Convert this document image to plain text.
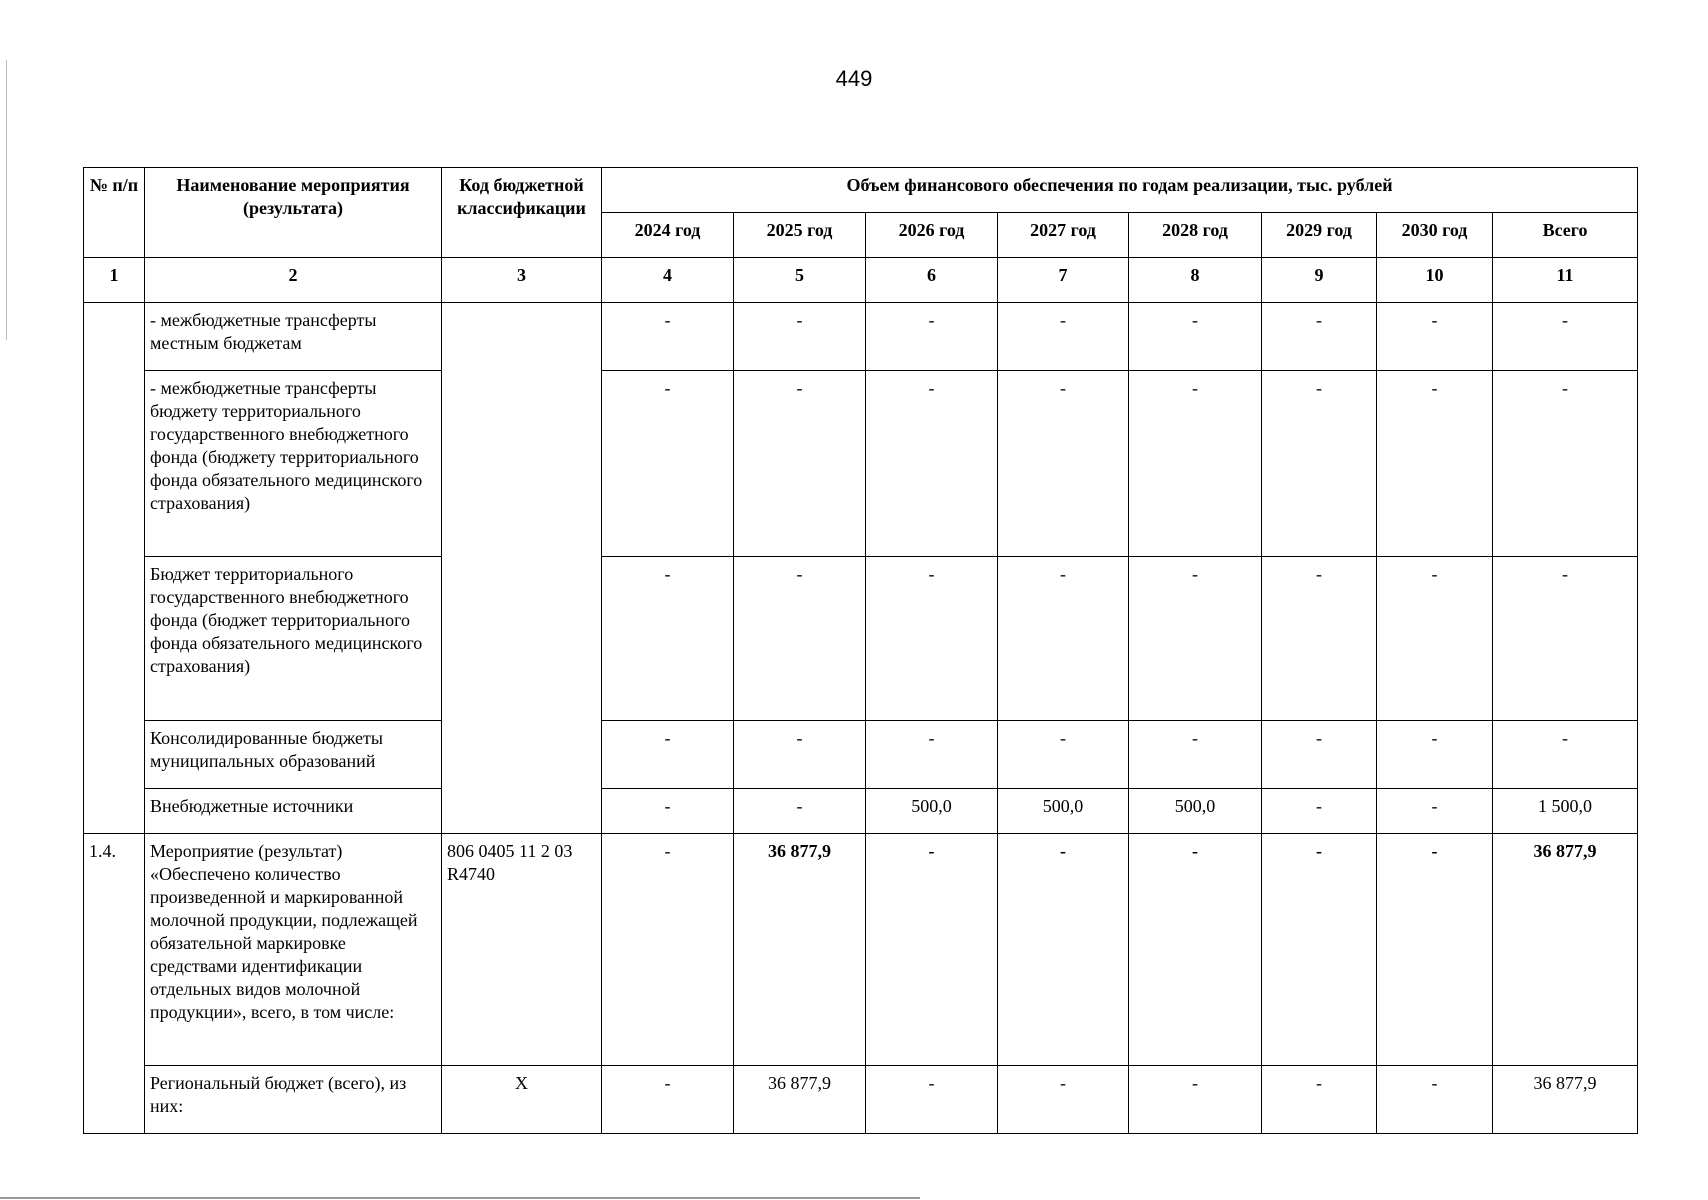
449
№ п/п	Наименование мероприятия (результата)	Код бюджетной классификации	Объем финансового обеспечения по годам реализации, тыс. рублей							
			2024 год	2025 год	2026 год	2027 год	2028 год	2029 год	2030 год	Всего
1	2	3	4	5	6	7	8	9	10	11
	- межбюджетные трансферты местным бюджетам		-	-	-	-	-	-	-	-
	- межбюджетные трансферты бюджету территориального государственного внебюджетного фонда (бюджету территориального фонда обязательного медицинского страхования)		-	-	-	-	-	-	-	-
	Бюджет территориального государственного внебюджетного фонда (бюджет территориального фонда обязательного медицинского страхования)		-	-	-	-	-	-	-	-
	Консолидированные бюджеты муниципальных образований		-	-	-	-	-	-	-	-
	Внебюджетные источники		-	-	500,0	500,0	500,0	-	-	1 500,0
1.4.	Мероприятие (результат) «Обеспечено количество произведенной и маркированной молочной продукции, подлежащей обязательной маркировке средствами идентификации отдельных видов молочной продукции», всего, в том числе:	806 0405 11 2 03 R4740	-	36 877,9	-	-	-	-	-	36 877,9
	Региональный бюджет (всего), из них:	X	-	36 877,9	-	-	-	-	-	36 877,9
